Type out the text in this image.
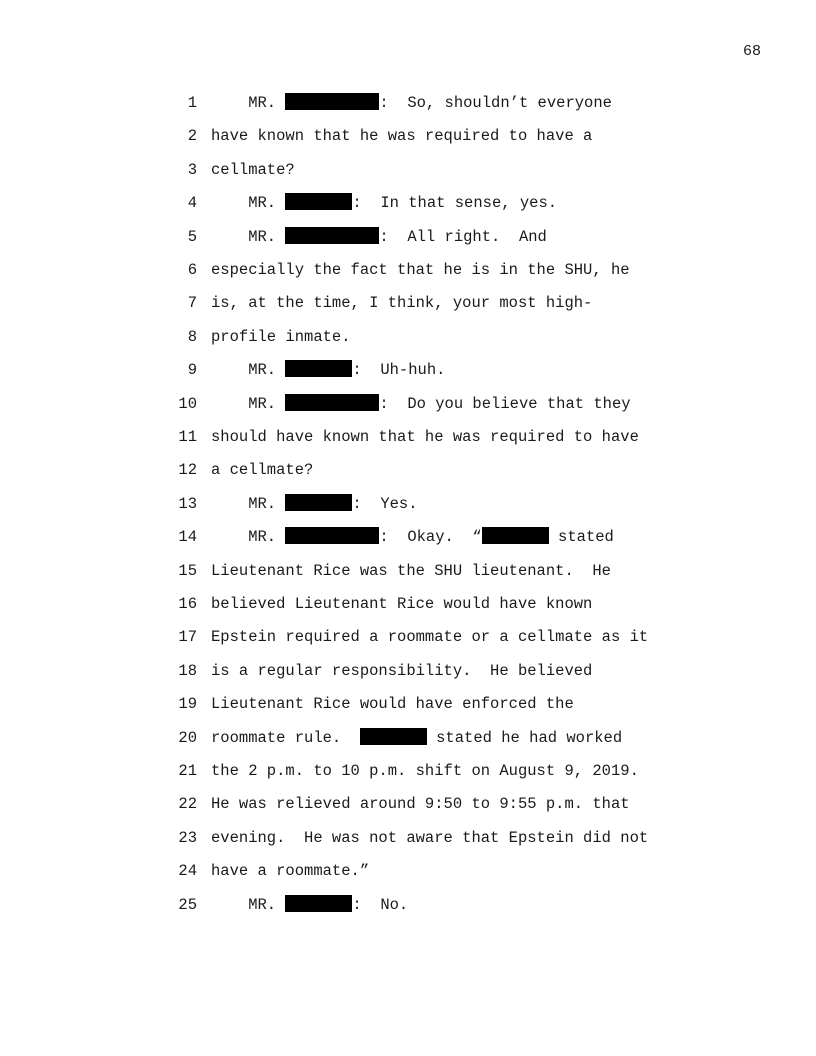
68
1 MR.	:  So, shouldn’t everyone
2 have known that he was required to have a
3 cellmate?
4 MR.	:  In that sense, yes.
5 MR.	:  All right.  And
6 especially the fact that he is in the SHU, he
7 is, at the time, I think, your most high-
8 profile inmate.
9 MR.	:  Uh-huh.
10 MR.	:  Do you believe that they
11 should have known that he was required to have
12 a cellmate?
13 MR.	:  Yes.
14 MR.	:  Okay.  “	stated
15 Lieutenant Rice was the SHU lieutenant.  He
16 believed Lieutenant Rice would have known
17 Epstein required a roommate or a cellmate as it
18 is a regular responsibility.  He believed
19 Lieutenant Rice would have enforced the
20 roommate rule.	stated he had worked
21 the 2 p.m. to 10 p.m. shift on August 9, 2019.
22 He was relieved around 9:50 to 9:55 p.m. that
23 evening.  He was not aware that Epstein did not
24 have a roommate.”
25 MR.	:  No.
